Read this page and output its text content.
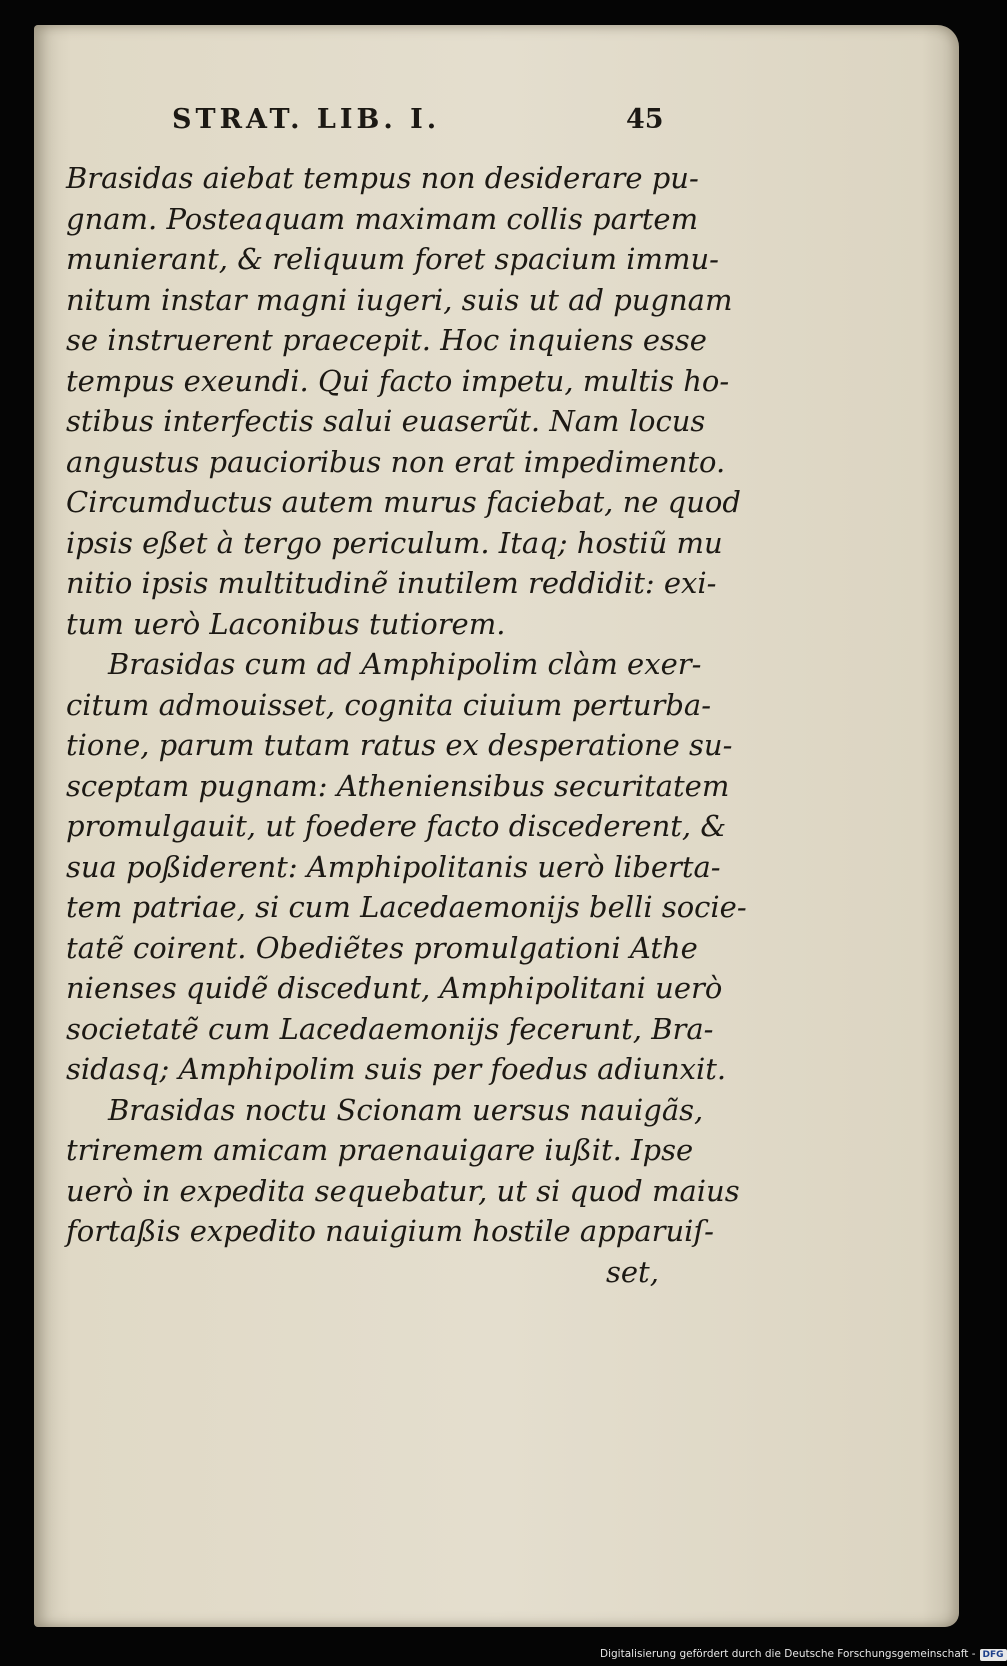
STRAT. LIB. I.	45
Brasidas aiebat tempus non desiderare pu-
gnam. Posteaquam maximam collis partem
munierant, & reliquum foret spacium immu-
nitum instar magni iugeri, suis ut ad pugnam
se instruerent praecepit. Hoc inquiens esse
tempus exeundi. Qui facto impetu, multis ho-
stibus interfectis salui euaserũt. Nam locus
angustus paucioribus non erat impedimento.
Circumductus autem murus faciebat, ne quod
ipsis eßet à tergo periculum. Itaq; hostiũ mu
nitio ipsis multitudinẽ inutilem reddidit: exi-
tum uerò Laconibus tutiorem.
Brasidas cum ad Amphipolim clàm exer-
citum admouisset, cognita ciuium perturba-
tione, parum tutam ratus ex desperatione su-
sceptam pugnam: Atheniensibus securitatem
promulgauit, ut foedere facto discederent, &
sua poßiderent: Amphipolitanis uerò liberta-
tem patriae, si cum Lacedaemonijs belli socie-
tatẽ coirent. Obediẽtes promulgationi Athe
nienses quidẽ discedunt, Amphipolitani uerò
societatẽ cum Lacedaemonijs fecerunt, Bra-
sidasq; Amphipolim suis per foedus adiunxit.
Brasidas noctu Scionam uersus nauigãs,
triremem amicam praenauigare iußit. Ipse
uerò in expedita sequebatur, ut si quod maius
fortaßis expedito nauigium hostile apparuiſ-
set,
Digitalisierung gefördert durch die Deutsche Forschungsgemeinschaft - DFG
